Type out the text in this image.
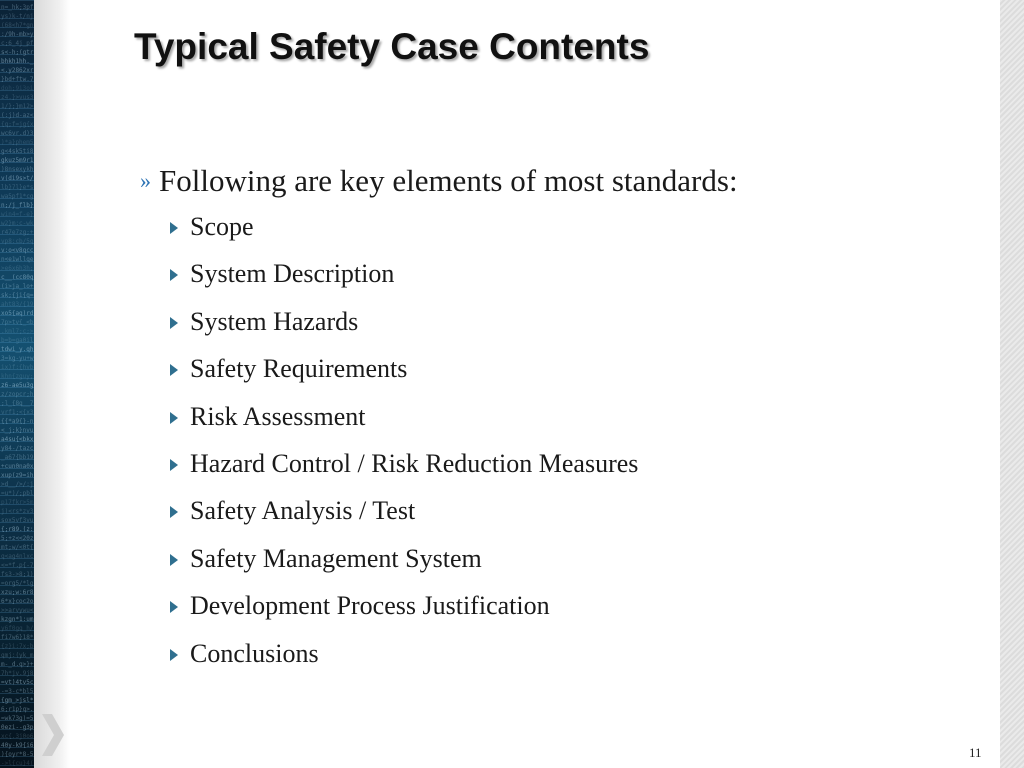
n=_hk;3pf
ys)k-t/nj
(68<h7*gn
:/9h-mb>y
c;6_4j_pf
s<-h;(gtr
bhkh1hh._
<.y2862xr
}bd+ftw.7
doh;9i3oi
z4.}>vus3
1/};}m12>
(:j)d-az<
{q;f=jg{x
wc6vr.d)3
)*a}phem5
g<4sk5ti8
gkuz5m9r1
)8nsexykh
v(di9s>t/
lb}7l}e*s
wa5pf1*cg
n;/j_flb}
win4=f-e}
w2}m:c-wk
r47e7zg;+
vp8:cb/5q
v:o<v8qcc
n<e1wllqe
>e6x6h3h;
c__(cc80q
(i>ja_lo+
sk;{ji{q=
aht83/{19
xo5{aq)rd
7p>tv{_<b
.kml7;c;>
b=b=ga0il
tdwi_y.qh
3=kg-yu+w
ix)f:{hvb
khn{zguy;
z6-ae5u3g
z/zopcr;h
;l_{8q__7
vrf1;<{x3
{{*a9{}-n
<_j;k}nvu
a4su{<bkx
y84-/tazc
_a67{bb19
+cun0na0x
xup(z9=ih
>d__/>/:j
=u*)/;pbl
p17fkr>5m
j)<rs*zv3
sox5vf3vu
{;r89.(z:
5;+z<<20z
mt;w/<0t{
q<ag4nlxc
<=*f.p{-7
fs3->8;1)
=org5/*lg
xzu;w:6r8
6*x}coc2o
>>arvywu<
kzgn*1:um
y6f0gq_h/
fi7w6}18*
{z}i:7x;b
qmj:(yk_m
m-_d.q>}+
7h*jv.9j8
=vt)4tv5c
-=3-c*bl5
{gm_>jsl*
6;r1p}q>.
=wk73g)=5
0ezi--g3p
xc{.3j0o6
40y-k9{i6
){oyr*8-5
->l{cu}4(
Typical Safety Case Contents
» Following are key elements of most standards:
Scope
System Description
System Hazards
Safety Requirements
Risk Assessment
Hazard Control / Risk Reduction Measures
Safety Analysis / Test
Safety Management System
Development Process Justification
Conclusions
11
